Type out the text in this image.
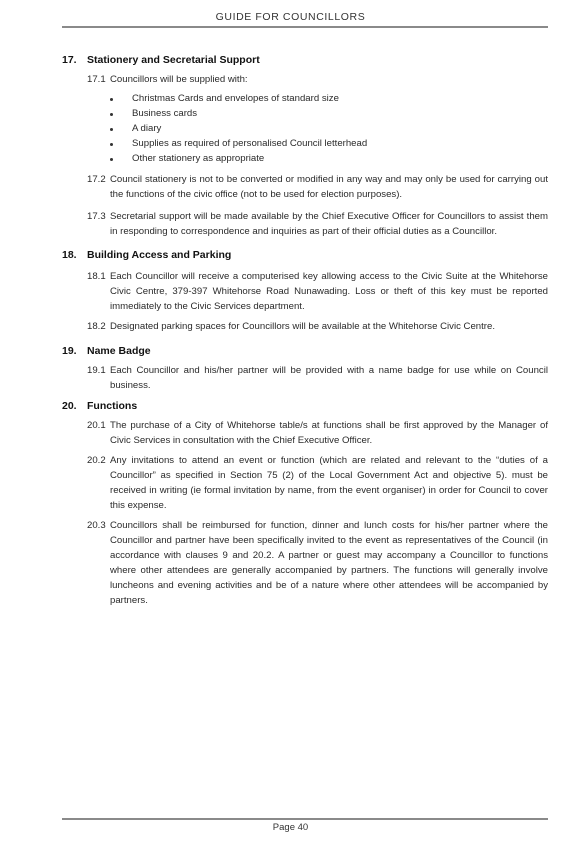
GUIDE FOR COUNCILLORS
17. Stationery and Secretarial Support
17.1 Councillors will be supplied with:
Christmas Cards and envelopes of standard size
Business cards
A diary
Supplies as required of personalised Council letterhead
Other stationery as appropriate
17.2 Council stationery is not to be converted or modified in any way and may only be used for carrying out the functions of the civic office (not to be used for election purposes).
17.3 Secretarial support will be made available by the Chief Executive Officer for Councillors to assist them in responding to correspondence and inquiries as part of their official duties as a Councillor.
18. Building Access and Parking
18.1 Each Councillor will receive a computerised key allowing access to the Civic Suite at the Whitehorse Civic Centre, 379-397 Whitehorse Road Nunawading. Loss or theft of this key must be reported immediately to the Civic Services department.
18.2 Designated parking spaces for Councillors will be available at the Whitehorse Civic Centre.
19. Name Badge
19.1 Each Councillor and his/her partner will be provided with a name badge for use while on Council business.
20. Functions
20.1 The purchase of a City of Whitehorse table/s at functions shall be first approved by the Manager of Civic Services in consultation with the Chief Executive Officer.
20.2 Any invitations to attend an event or function (which are related and relevant to the “duties of a Councillor” as specified in Section 75 (2) of the Local Government Act and objective 5). must be received in writing (ie formal invitation by name, from the event organiser) in order for Council to cover this expense.
20.3 Councillors shall be reimbursed for function, dinner and lunch costs for his/her partner where the Councillor and partner have been specifically invited to the event as representatives of the Council (in accordance with clauses 9 and 20.2. A partner or guest may accompany a Councillor to functions where other attendees are generally accompanied by partners. The functions will generally involve luncheons and evening activities and be of a nature where other attendees will be accompanied by partners.
Page 40
